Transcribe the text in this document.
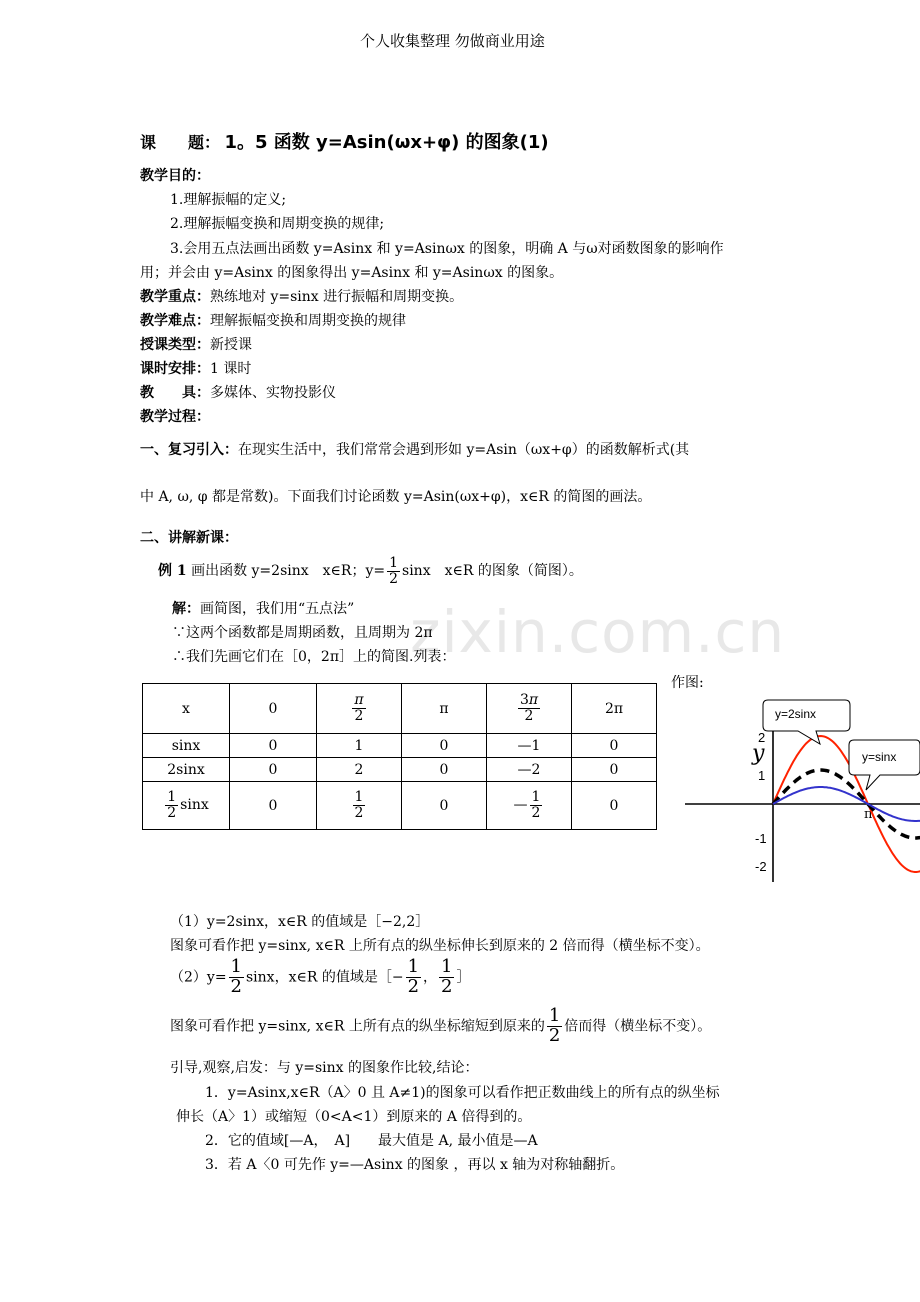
zixin.com.cn
个人收集整理 勿做商业用途
课　　题： 1。5 函数 y=Asin(ωx+φ) 的图象(1)
教学目的：
1.理解振幅的定义;
2.理解振幅变换和周期变换的规律;
3.会用五点法画出函数 y=Asinx 和 y=Asinωx 的图象，明确 A 与ω对函数图象的影响作
用；并会由 y=Asinx 的图象得出 y=Asinx 和 y=Asinωx 的图象。
教学重点：熟练地对 y=sinx 进行振幅和周期变换。
教学难点：理解振幅变换和周期变换的规律
授课类型：新授课
课时安排：1 课时
教　　具：多媒体、实物投影仪
教学过程：
一、复习引入：在现实生活中，我们常常会遇到形如 y=Asin（ωx+φ）的函数解析式(其
中 A, ω, φ 都是常数)。下面我们讨论函数 y=Asin(ωx+φ)，x∈R 的简图的画法。
二、讲解新课：
例 1 画出函数 y=2sinx　x∈R；$y= \frac{1}{2}$ sinx　x∈R 的图象（简图）。
解：画简图，我们用“五点法”
∵这两个函数都是周期函数，且周期为 2π
∴我们先画它们在［0，2π］上的简图.列表：
x	0	$\frac{\pi}{2}$	π	$\frac{3\pi}{2}$	2π
sinx	0	1	0	—1	0
2sinx	0	2	0	—2	0

$\frac{1}{2}$ sinx	0	$\frac{1}{2}$	0	— $\frac{1}{2}$	0
作图:
y
2
1
-1
-2
π
y=2sinx
y=sinx
（1）y=2sinx，x∈R 的值域是［−2,2］
图象可看作把 y=sinx, x∈R 上所有点的纵坐标伸长到原来的 2 倍而得（横坐标不变）。
$(2)y= \frac{1}{2}$ sinx，x∈R 的值域是［− $\frac{1}{2}$ ， $\frac{1}{2}$ ］
图象可看作把 y=sinx, x∈R 上所有点的纵坐标缩短到原来的 $\frac{1}{2}$ 倍而得（横坐标不变）。
引导,观察,启发：与 y=sinx 的图象作比较,结论：
1．y=Asinx,x∈R（A〉0 且 A≠1)的图象可以看作把正数曲线上的所有点的纵坐标
伸长（A〉1）或缩短（0<A<1）到原来的 A 倍得到的。
2．它的值域[—A，　A]　　最大值是 A, 最小值是—A
3．若 A〈0 可先作 y=—Asinx 的图象 ，再以 x 轴为对称轴翻折。
